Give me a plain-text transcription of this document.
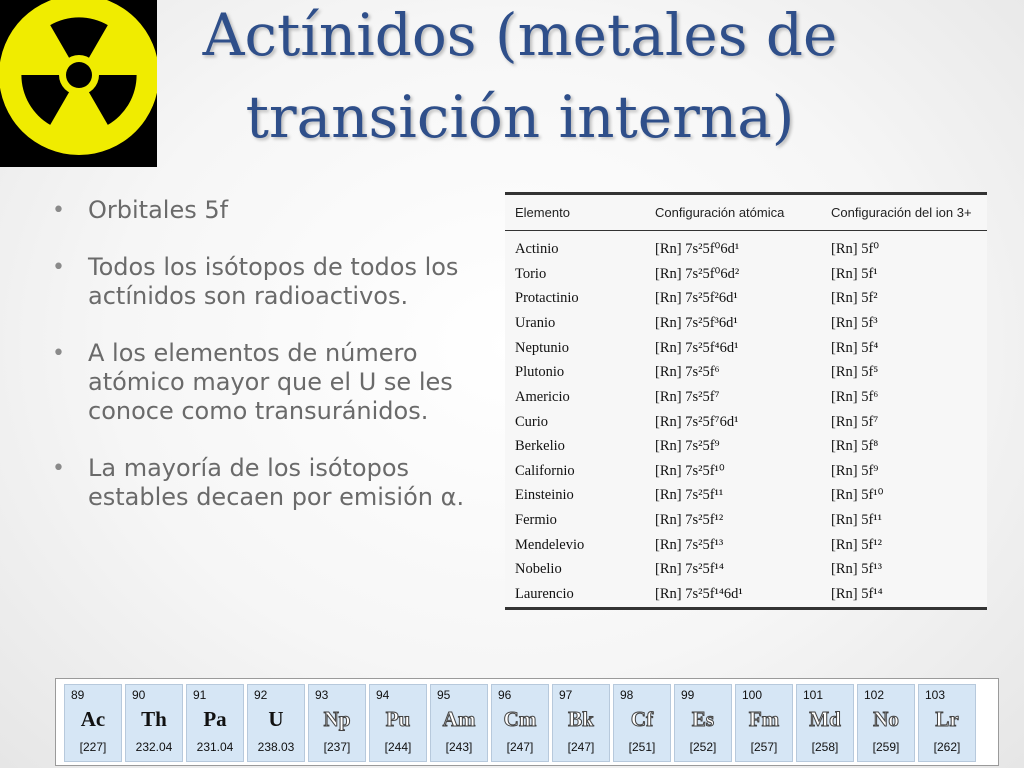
Actínidos (metales de
transición interna)
• Orbitales 5f
• Todos los isótopos de todos los actínidos son radioactivos.
• A los elementos de número atómico mayor que el U se les conoce como transuránidos.
• La mayoría de los isótopos estables decaen por emisión α.
Elemento	Configuración atómica	Configuración del ion 3+
Actinio	[Rn] 7s²5f⁰6d¹	[Rn] 5f⁰
Torio	[Rn] 7s²5f⁰6d²	[Rn] 5f¹
Protactinio	[Rn] 7s²5f²6d¹	[Rn] 5f²
Uranio	[Rn] 7s²5f³6d¹	[Rn] 5f³
Neptunio	[Rn] 7s²5f⁴6d¹	[Rn] 5f⁴
Plutonio	[Rn] 7s²5f⁶	[Rn] 5f⁵
Americio	[Rn] 7s²5f⁷	[Rn] 5f⁶
Curio	[Rn] 7s²5f⁷6d¹	[Rn] 5f⁷
Berkelio	[Rn] 7s²5f⁹	[Rn] 5f⁸
Californio	[Rn] 7s²5f¹⁰	[Rn] 5f⁹
Einsteinio	[Rn] 7s²5f¹¹	[Rn] 5f¹⁰
Fermio	[Rn] 7s²5f¹²	[Rn] 5f¹¹
Mendelevio	[Rn] 7s²5f¹³	[Rn] 5f¹²
Nobelio	[Rn] 7s²5f¹⁴	[Rn] 5f¹³
Laurencio	[Rn] 7s²5f¹⁴6d¹	[Rn] 5f¹⁴
89
Ac
[227]
90
Th
232.04
91
Pa
231.04
92
U
238.03
93
Np
[237]
94
Pu
[244]
95
Am
[243]
96
Cm
[247]
97
Bk
[247]
98
Cf
[251]
99
Es
[252]
100
Fm
[257]
101
Md
[258]
102
No
[259]
103
Lr
[262]
